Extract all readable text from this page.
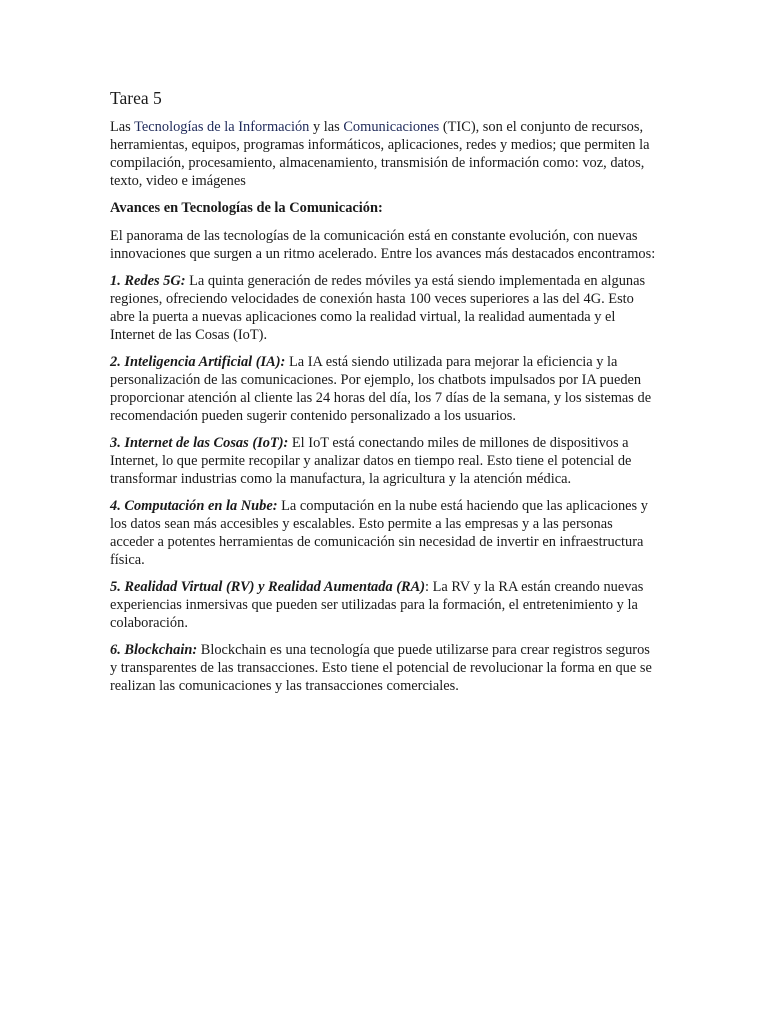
Tarea 5

Las Tecnologías de la Información y las Comunicaciones (TIC), son el conjunto de recursos, herramientas, equipos, programas informáticos, aplicaciones, redes y medios; que permiten la compilación, procesamiento, almacenamiento, transmisión de información como: voz, datos, texto, video e imágenes

Avances en Tecnologías de la Comunicación:

El panorama de las tecnologías de la comunicación está en constante evolución, con nuevas innovaciones que surgen a un ritmo acelerado. Entre los avances más destacados encontramos:

1. Redes 5G: La quinta generación de redes móviles ya está siendo implementada en algunas regiones, ofreciendo velocidades de conexión hasta 100 veces superiores a las del 4G. Esto abre la puerta a nuevas aplicaciones como la realidad virtual, la realidad aumentada y el Internet de las Cosas (IoT).

2. Inteligencia Artificial (IA): La IA está siendo utilizada para mejorar la eficiencia y la personalización de las comunicaciones. Por ejemplo, los chatbots impulsados por IA pueden proporcionar atención al cliente las 24 horas del día, los 7 días de la semana, y los sistemas de recomendación pueden sugerir contenido personalizado a los usuarios.

3. Internet de las Cosas (IoT): El IoT está conectando miles de millones de dispositivos a Internet, lo que permite recopilar y analizar datos en tiempo real. Esto tiene el potencial de transformar industrias como la manufactura, la agricultura y la atención médica.

4. Computación en la Nube: La computación en la nube está haciendo que las aplicaciones y los datos sean más accesibles y escalables. Esto permite a las empresas y a las personas acceder a potentes herramientas de comunicación sin necesidad de invertir en infraestructura física.

5. Realidad Virtual (RV) y Realidad Aumentada (RA): La RV y la RA están creando nuevas experiencias inmersivas que pueden ser utilizadas para la formación, el entretenimiento y la colaboración.

6. Blockchain: Blockchain es una tecnología que puede utilizarse para crear registros seguros y transparentes de las transacciones. Esto tiene el potencial de revolucionar la forma en que se realizan las comunicaciones y las transacciones comerciales.
